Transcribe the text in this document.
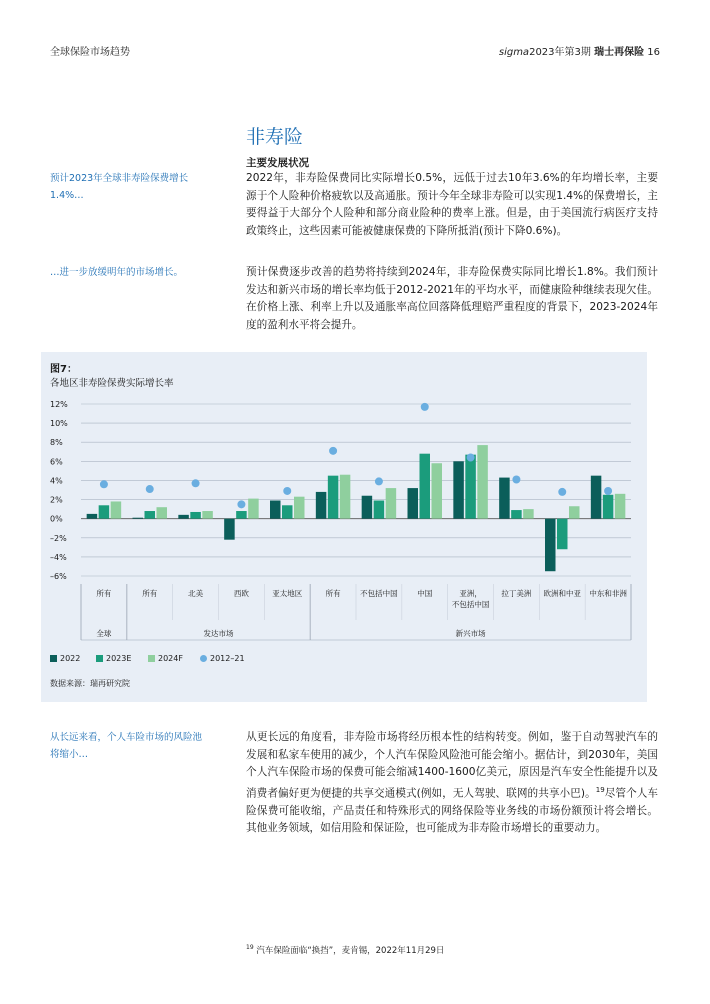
全球保险市场趋势	sigma2023年第3期 瑞士再保险 16
非寿险
预计2023年全球非寿险保费增长1.4%…
…进一步放缓明年的市场增长。
从长远来看，个人车险市场的风险池将缩小…
主要发展状况
2022年，非寿险保费同比实际增长0.5%，远低于过去10年3.6%的年均增长率，主要源于个人险种价格疲软以及高通胀。预计今年全球非寿险可以实现1.4%的保费增长，主要得益于大部分个人险种和部分商业险种的费率上涨。但是，由于美国流行病医疗支持政策终止，这些因素可能被健康保费的下降所抵消(预计下降0.6%)。
预计保费逐步改善的趋势将持续到2024年，非寿险保费实际同比增长1.8%。我们预计发达和新兴市场的增长率均低于2012-2021年的平均水平，而健康险种继续表现欠佳。在价格上涨、利率上升以及通胀率高位回落降低理赔严重程度的背景下，2023-2024年度的盈利水平将会提升。
从更长远的角度看，非寿险市场将经历根本性的结构转变。例如，鉴于自动驾驶汽车的发展和私家车使用的减少，个人汽车保险风险池可能会缩小。据估计，到2030年，美国个人汽车保险市场的保费可能会缩减1400-1600亿美元，原因是汽车安全性能提升以及消费者偏好更为便捷的共享交通模式(例如，无人驾驶、联网的共享小巴)。$^{19}$尽管个人车险保费可能收缩，产品责任和特殊形式的网络保险等业务线的市场份额预计将会增长。其他业务领域，如信用险和保证险，也可能成为非寿险市场增长的重要动力。
图7：
各地区非寿险保费实际增长率
–6%
–4%
–2%
0%
2%
4%
6%
8%
10%
12%
所有	所有	北美	西欧	亚太地区	所有	不包括中国	中国	亚洲，
不包括中国
拉丁美洲 欧洲和中亚 中东和非洲
全球	发达市场	新兴市场
2022	2023E	2024F	2012–21
数据来源：瑞再研究院
$^{19}$ 汽车保险面临“换挡”，麦肯锡，2022年11月29日
